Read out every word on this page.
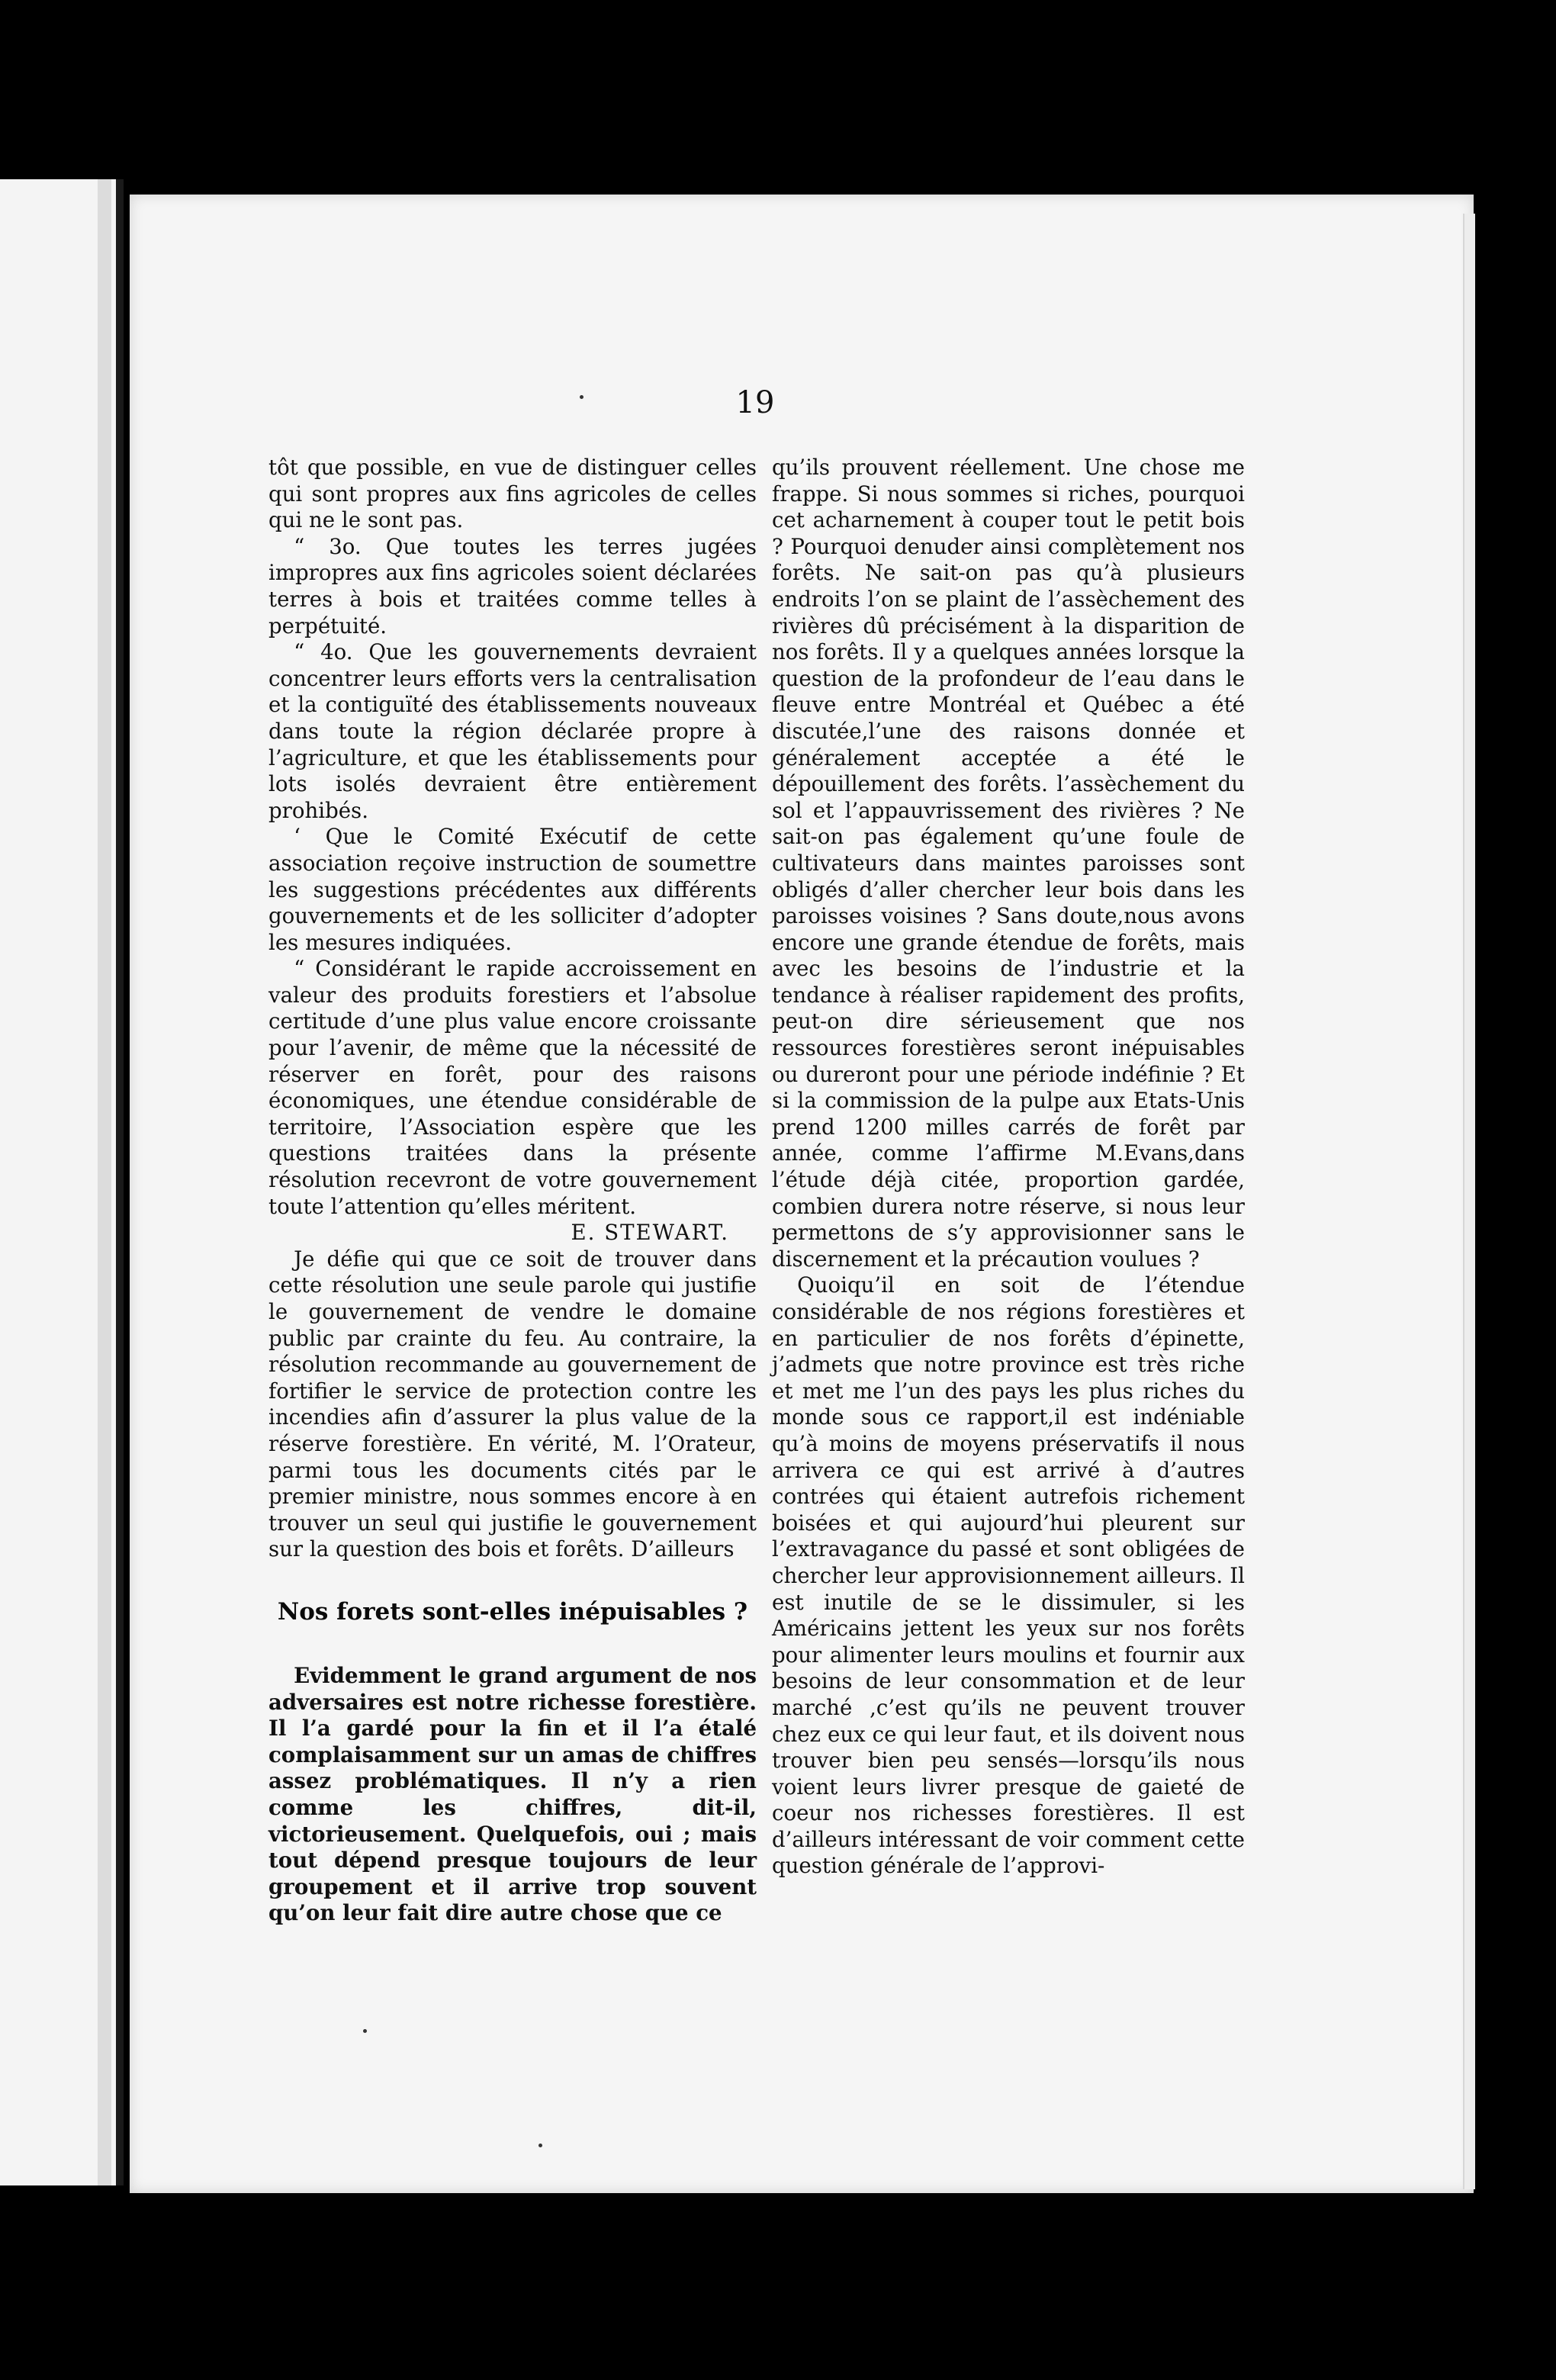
19

tôt que possible, en vue de distinguer celles qui sont propres aux fins agricoles de celles qui ne le sont pas.

“ 3o. Que toutes les terres jugées impropres aux fins agricoles soient déclarées terres à bois et traitées comme telles à perpétuité.

“ 4o. Que les gouvernements devraient concentrer leurs efforts vers la centralisation et la contiguïté des établissements nouveaux dans toute la région déclarée propre à l’agriculture, et que les établissements pour lots isolés devraient être entièrement prohibés.

‘ Que le Comité Exécutif de cette association reçoive instruction de soumettre les suggestions précédentes aux différents gouvernements et de les solliciter d’adopter les mesures indiquées.

“ Considérant le rapide accroissement en valeur des produits forestiers et l’absolue certitude d’une plus value encore croissante pour l’avenir, de même que la nécessité de réserver en forêt, pour des raisons économiques, une étendue considérable de territoire, l’Association espère que les questions traitées dans la présente résolution recevront de votre gouvernement toute l’attention qu’elles méritent.

E. STEWART.

Je défie qui que ce soit de trouver dans cette résolution une seule parole qui justifie le gouvernement de vendre le domaine public par crainte du feu. Au contraire, la résolution recommande au gouvernement de fortifier le service de protection contre les incendies afin d’assurer la plus value de la réserve forestière. En vérité, M. l’Orateur, parmi tous les documents cités par le premier ministre, nous sommes encore à en trouver un seul qui justifie le gouvernement sur la question des bois et forêts. D’ailleurs

Nos forets sont-elles inépuisables ?

Evidemment le grand argument de nos adversaires est notre richesse forestière. Il l’a gardé pour la fin et il l’a étalé complaisamment sur un amas de chiffres assez problématiques. Il n’y a rien comme les chiffres, dit-il, victorieusement. Quelquefois, oui ; mais tout dépend presque toujours de leur groupement et il arrive trop souvent qu’on leur fait dire autre chose que ce

qu’ils prouvent réellement. Une chose me frappe. Si nous sommes si riches, pourquoi cet acharnement à couper tout le petit bois ? Pourquoi denuder ainsi complètement nos forêts. Ne sait-on pas qu’à plusieurs endroits l’on se plaint de l’assèchement des rivières dû précisément à la disparition de nos forêts. Il y a quelques années lorsque la question de la profondeur de l’eau dans le fleuve entre Montréal et Québec a été discutée,l’une des raisons donnée et généralement acceptée a été le dépouillement des forêts. l’assèchement du sol et l’appauvrissement des rivières ? Ne sait-on pas également qu’une foule de cultivateurs dans maintes paroisses sont obligés d’aller chercher leur bois dans les paroisses voisines ? Sans doute,nous avons encore une grande étendue de forêts, mais avec les besoins de l’industrie et la tendance à réaliser rapidement des profits, peut-on dire sérieusement que nos ressources forestières seront inépuisables ou dureront pour une période indéfinie ? Et si la commission de la pulpe aux Etats-Unis prend 1200 milles carrés de forêt par année, comme l’affirme M.Evans,dans l’étude déjà citée, proportion gardée, combien durera notre réserve, si nous leur permettons de s’y approvisionner sans le discernement et la précaution voulues ?

Quoiqu’il en soit de l’étendue considérable de nos régions forestières et en particulier de nos forêts d’épinette, j’admets que notre province est très riche et met me l’un des pays les plus riches du monde sous ce rapport,il est indéniable qu’à moins de moyens préservatifs il nous arrivera ce qui est arrivé à d’autres contrées qui étaient autrefois richement boisées et qui aujourd’hui pleurent sur l’extravagance du passé et sont obligées de chercher leur approvisionnement ailleurs. Il est inutile de se le dissimuler, si les Américains jettent les yeux sur nos forêts pour alimenter leurs moulins et fournir aux besoins de leur consommation et de leur marché ,c’est qu’ils ne peuvent trouver chez eux ce qui leur faut, et ils doivent nous trouver bien peu sensés—lorsqu’ils nous voient leurs livrer presque de gaieté de coeur nos richesses forestières. Il est d’ailleurs intéressant de voir comment cette question générale de l’approvi-
